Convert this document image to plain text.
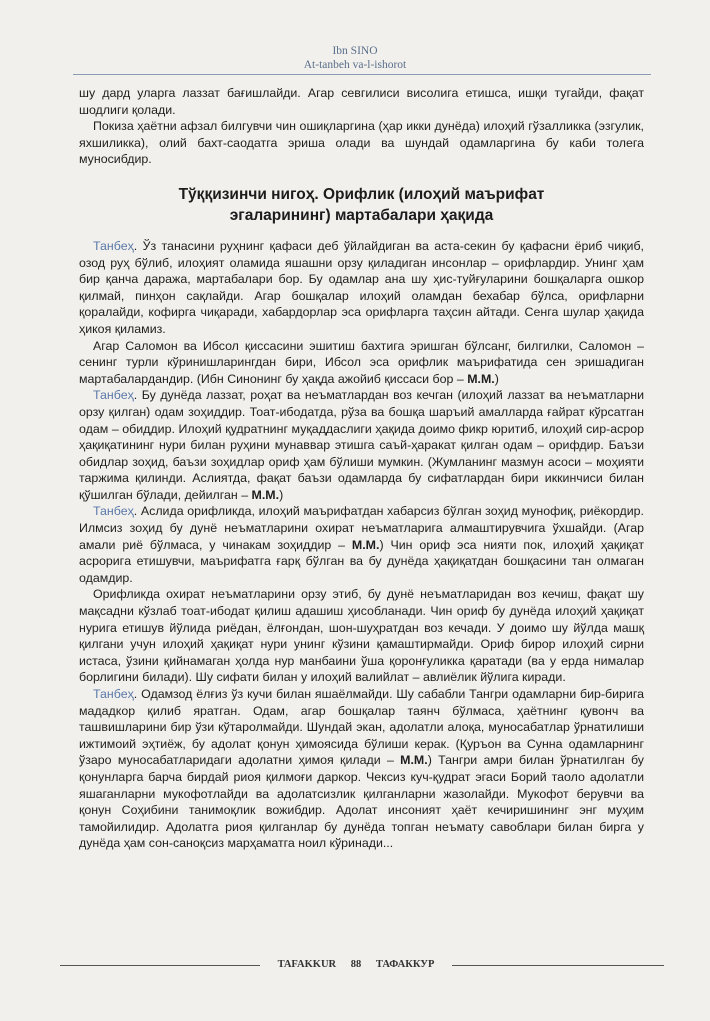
Ibn SINO
At-tanbeh va-l-ishorot

шу дард уларга лаззат бағишлайди. Агар севгилиси висолига етишса, ишқи тугайди, фақат шодлиги қолади.

Покиза ҳаётни афзал билгувчи чин ошиқларгина (ҳар икки дунёда) илоҳий гўзалликка (эзгулик, яхшиликка), олий бахт-саодатга эриша олади ва шундай одамларгина бу каби толега муносибдир.

Тўққизинчи нигоҳ. Орифлик (илоҳий маърифат
эгаларининг) мартабалари ҳақида

Танбеҳ. Ўз танасини руҳнинг қафаси деб ўйлайдиган ва аста-секин бу қафасни ёриб чиқиб, озод руҳ бўлиб, илоҳият оламида яшашни орзу қиладиган инсонлар – орифлардир. Унинг ҳам бир қанча даража, мартабалари бор. Бу одамлар ана шу ҳис-туйғуларини бошқаларга ошкор қилмай, пинҳон сақлайди. Агар бошқалар илоҳий оламдан бехабар бўлса, орифларни қоралайди, кофирга чиқаради, хабардорлар эса орифларга таҳсин айтади. Сенга шулар ҳақида ҳикоя қиламиз.

Агар Саломон ва Ибсол қиссасини эшитиш бахтига эришган бўлсанг, билгилки, Саломон – сенинг турли кўринишларингдан бири, Ибсол эса орифлик маърифатида сен эришадиган мартабалардандир. (Ибн Синонинг бу ҳақда ажойиб қиссаси бор – М.М.)

Танбеҳ. Бу дунёда лаззат, роҳат ва неъматлардан воз кечган (илоҳий лаззат ва неъматларни орзу қилган) одам зоҳиддир. Тоат-ибодатда, рўза ва бошқа шаръий амалларда ғайрат кўрсатган одам – обиддир. Илоҳий қудратнинг муқаддаслиги ҳақида доимо фикр юритиб, илоҳий сир-асрор ҳақиқатининг нури билан руҳини мунаввар этишга саъй-ҳаракат қилган одам – орифдир. Баъзи обидлар зоҳид, баъзи зоҳидлар ориф ҳам бўлиши мумкин. (Жумланинг мазмун асоси – моҳияти таржима қилинди. Аслиятда, фақат баъзи одамларда бу сифатлардан бири иккинчиси билан қўшилган бўлади, дейилган – М.М.)

Танбеҳ. Аслида орифликда, илоҳий маърифатдан хабарсиз бўлган зоҳид мунофиқ, риёкордир. Илмсиз зоҳид бу дунё неъматларини охират неъматларига алмаштирувчига ўхшайди. (Агар амали риё бўлмаса, у чинакам зоҳиддир – М.М.) Чин ориф эса нияти пок, илоҳий ҳақиқат асроригa етишувчи, маърифатга ғарқ бўлган ва бу дунёда ҳақиқатдан бошқасини тан олмаган одамдир.

Орифликда охират неъматларини орзу этиб, бу дунё неъматларидан воз кечиш, фақат шу мақсадни кўзлаб тоат-ибодат қилиш адашиш ҳисобланади. Чин ориф бу дунёда илоҳий ҳақиқат нурига етишув йўлида риёдан, ёлғондан, шон-шуҳратдан воз кечади. У доимо шу йўлда машқ қилгани учун илоҳий ҳақиқат нури унинг кўзини қамаштирмайди. Ориф бирор илоҳий сирни истаса, ўзини қийнамаган ҳолда нур манбаини ўша қоронғуликка қаратади (ва у ерда нималар борлигини билади). Шу сифати билан у илоҳий валийлат – авлиёлик йўлига киради.

Танбеҳ. Одамзод ёлғиз ўз кучи билан яшаёлмайди. Шу сабабли Тангри одамларни бир-бирига мададкор қилиб яратган. Одам, агар бошқалар таянч бўлмаса, ҳаётнинг қувонч ва ташвишларини бир ўзи кўтаролмайди. Шундай экан, адолатли алоқа, муносабатлар ўрнатилиши ижтимоий эҳтиёж, бу адолат қонун ҳимоясида бўлиши керак. (Қуръон ва Сунна одамларнинг ўзаро муносабатларидаги адолатни ҳимоя қилади – М.М.) Тангри амри билан ўрнатилган бу қонунларга барча бирдай риоя қилмоғи даркор. Чексиз куч-қудрат эгаси Борий таоло адолатли яшаганларни мукофотлайди ва адолатсизлик қилганларни жазолайди. Мукофот берувчи ва қонун Соҳибини танимоқлик вожибдир. Адолат инсоният ҳаёт кечиришининг энг муҳим тамойилидир. Адолатга риоя қилганлар бу дунёда топган неъмату савоблари билан бирга у дунёда ҳам сон-саноқсиз марҳаматга ноил кўринади...

TAFAKKUR 88 ТАФАККУР
